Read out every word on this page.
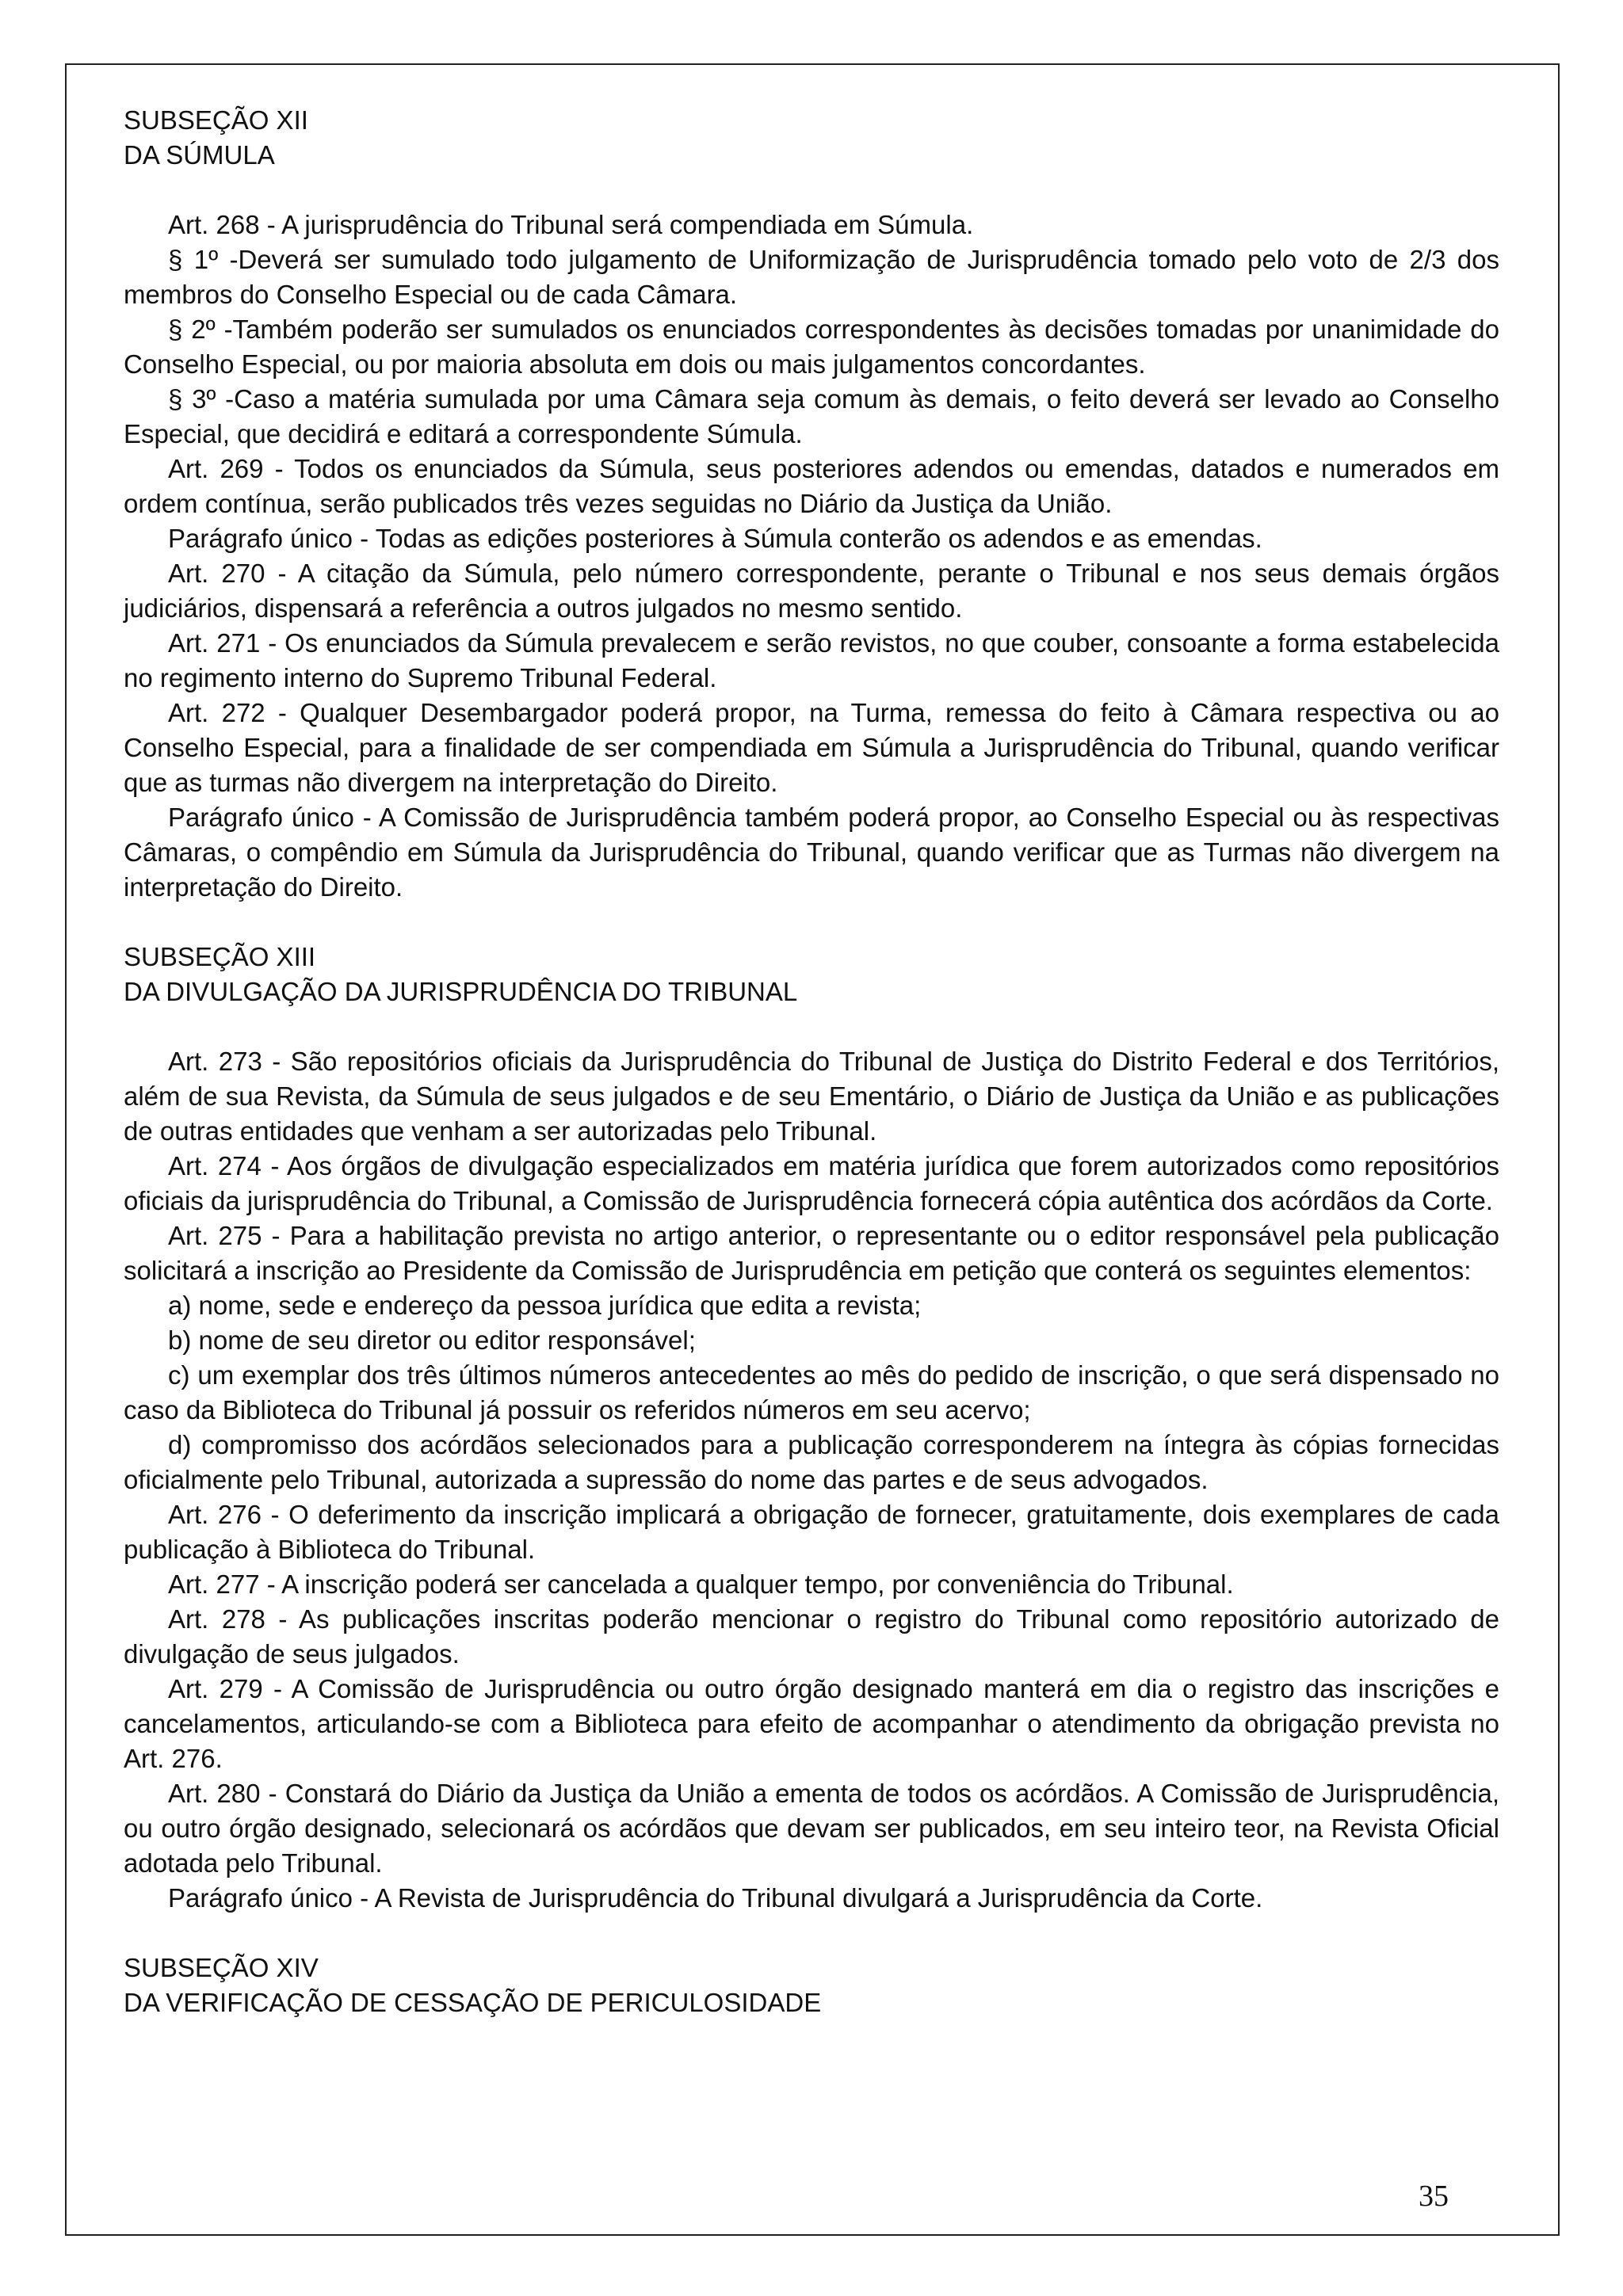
SUBSEÇÃO XII

DA SÚMULA

Art. 268 - A jurisprudência do Tribunal será compendiada em Súmula.

§ 1º -Deverá ser sumulado todo julgamento de Uniformização de Jurisprudência tomado pelo voto de 2/3 dos membros do Conselho Especial ou de cada Câmara.

§ 2º -Também poderão ser sumulados os enunciados correspondentes às decisões tomadas por unanimidade do Conselho Especial, ou por maioria absoluta em dois ou mais julgamentos concordantes.

§ 3º -Caso a matéria sumulada por uma Câmara seja comum às demais, o feito deverá ser levado ao Conselho Especial, que decidirá e editará a correspondente Súmula.

Art. 269 - Todos os enunciados da Súmula, seus posteriores adendos ou emendas, datados e numerados em ordem contínua, serão publicados três vezes seguidas no Diário da Justiça da União.

Parágrafo único - Todas as edições posteriores à Súmula conterão os adendos e as emendas.

Art. 270 - A citação da Súmula, pelo número correspondente, perante o Tribunal e nos seus demais órgãos judiciários, dispensará a referência a outros julgados no mesmo sentido.

Art. 271 - Os enunciados da Súmula prevalecem e serão revistos, no que couber, consoante a forma estabelecida no regimento interno do Supremo Tribunal Federal.

Art. 272 - Qualquer Desembargador poderá propor, na Turma, remessa do feito à Câmara respectiva ou ao Conselho Especial, para a finalidade de ser compendiada em Súmula a Jurisprudência do Tribunal, quando verificar que as turmas não divergem na interpretação do Direito.

Parágrafo único - A Comissão de Jurisprudência também poderá propor, ao Conselho Especial ou às respectivas Câmaras, o compêndio em Súmula da Jurisprudência do Tribunal, quando verificar que as Turmas não divergem na interpretação do Direito.

SUBSEÇÃO XIII

DA DIVULGAÇÃO DA JURISPRUDÊNCIA DO TRIBUNAL

Art. 273 - São repositórios oficiais da Jurisprudência do Tribunal de Justiça do Distrito Federal e dos Territórios, além de sua Revista, da Súmula de seus julgados e de seu Ementário, o Diário de Justiça da União e as publicações de outras entidades que venham a ser autorizadas pelo Tribunal.

Art. 274 - Aos órgãos de divulgação especializados em matéria jurídica que forem autorizados como repositórios oficiais da jurisprudência do Tribunal, a Comissão de Jurisprudência fornecerá cópia autêntica dos acórdãos da Corte.

Art. 275 - Para a habilitação prevista no artigo anterior, o representante ou o editor responsável pela publicação solicitará a inscrição ao Presidente da Comissão de Jurisprudência em petição que conterá os seguintes elementos:

a) nome, sede e endereço da pessoa jurídica que edita a revista;

b) nome de seu diretor ou editor responsável;

c) um exemplar dos três últimos números antecedentes ao mês do pedido de inscrição, o que será dispensado no caso da Biblioteca do Tribunal já possuir os referidos números em seu acervo;

d) compromisso dos acórdãos selecionados para a publicação corresponderem na íntegra às cópias fornecidas oficialmente pelo Tribunal, autorizada a supressão do nome das partes e de seus advogados.

Art. 276 - O deferimento da inscrição implicará a obrigação de fornecer, gratuitamente, dois exemplares de cada publicação à Biblioteca do Tribunal.

Art. 277 - A inscrição poderá ser cancelada a qualquer tempo, por conveniência do Tribunal.

Art. 278 - As publicações inscritas poderão mencionar o registro do Tribunal como repositório autorizado de divulgação de seus julgados.

Art. 279 - A Comissão de Jurisprudência ou outro órgão designado manterá em dia o registro das inscrições e cancelamentos, articulando-se com a Biblioteca para efeito de acompanhar o atendimento da obrigação prevista no Art. 276.

Art. 280 - Constará do Diário da Justiça da União a ementa de todos os acórdãos. A Comissão de Jurisprudência, ou outro órgão designado, selecionará os acórdãos que devam ser publicados, em seu inteiro teor, na Revista Oficial adotada pelo Tribunal.

Parágrafo único - A Revista de Jurisprudência do Tribunal divulgará a Jurisprudência da Corte.

SUBSEÇÃO XIV

DA VERIFICAÇÃO DE CESSAÇÃO DE PERICULOSIDADE

35
